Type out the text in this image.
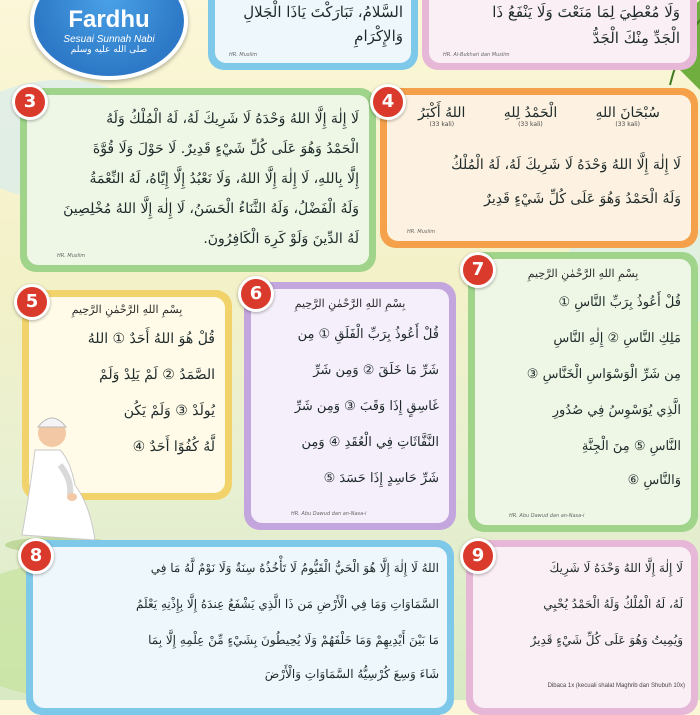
Fardhu
Sesuai Sunnah Nabi
صلى الله عليه وسلم
السَّلامُ، تَبَارَكْتَ يَاذَا الْجَلالِ
وَالإِكْرَامِ
HR. Muslim
وَلَا مُعْطِيَ لِمَا مَنَعْتَ وَلَا يَنْفَعُ ذَا
الْجَدِّ مِنْكَ الْجَدُّ
HR. Al-Bukhari dan Muslim
لَا إِلٰهَ إِلَّا اللهُ وَحْدَهُ لَا شَرِيكَ لَهُ، لَهُ الْمُلْكُ وَلَهُ
الْحَمْدُ وَهُوَ عَلَى كُلِّ شَيْءٍ قَدِيرٌ. لَا حَوْلَ وَلَا قُوَّةَ
إِلَّا بِاللهِ، لَا إِلٰهَ إِلَّا اللهُ، وَلَا نَعْبُدُ إِلَّا إِيَّاهُ، لَهُ النِّعْمَةُ
وَلَهُ الْفَضْلُ، وَلَهُ الثَّنَاءُ الْحَسَنُ، لَا إِلٰهَ إِلَّا اللهُ مُخْلِصِينَ
لَهُ الدِّينَ وَلَوْ كَرِهَ الْكَافِرُونَ.
HR. Muslim
3
سُبْحَانَ اللهِ
(33 kali)
الْحَمْدُ لِلهِ
(33 kali)
اللهُ أَكْبَرُ
(33 kali)
لَا إِلٰهَ إِلَّا اللهُ وَحْدَهُ لَا شَرِيكَ لَهُ، لَهُ الْمُلْكُ
وَلَهُ الْحَمْدُ وَهُوَ عَلَى كُلِّ شَيْءٍ قَدِيرٌ
HR. Muslim
4
بِسْمِ اللهِ الرَّحْمٰنِ الرَّحِيمِ
قُلْ هُوَ اللهُ أَحَدٌ ① اللهُ
الصَّمَدُ ② لَمْ يَلِدْ وَلَمْ
يُولَدْ ③ وَلَمْ يَكُن
لَّهُ كُفُوًا أَحَدٌ ④
5	بِسْمِ اللهِ الرَّحْمٰنِ الرَّحِيمِ
قُلْ أَعُوذُ بِرَبِّ الْفَلَقِ ① مِن
شَرِّ مَا خَلَقَ ② وَمِن شَرِّ
غَاسِقٍ إِذَا وَقَبَ ③ وَمِن شَرِّ
النَّفَّاثَاتِ فِي الْعُقَدِ ④ وَمِن
شَرِّ حَاسِدٍ إِذَا حَسَدَ ⑤
HR. Abu Dawud dan an-Nasa-i
6
بِسْمِ اللهِ الرَّحْمٰنِ الرَّحِيمِ
قُلْ أَعُوذُ بِرَبِّ النَّاسِ ①
مَلِكِ النَّاسِ ② إِلٰهِ النَّاسِ
مِن شَرِّ الْوَسْوَاسِ الْخَنَّاسِ ③
الَّذِي يُوَسْوِسُ فِي صُدُورِ
النَّاسِ ⑤ مِنَ الْجِنَّةِ
وَالنَّاسِ ⑥
HR. Abu Dawud dan an-Nasa-i
7
اللهُ لَا إِلٰهَ إِلَّا هُوَ الْحَيُّ الْقَيُّومُ لَا تَأْخُذُهُ سِنَةٌ وَلَا نَوْمٌ لَّهُ مَا فِي
السَّمَاوَاتِ وَمَا فِي الْأَرْضِ مَن ذَا الَّذِي يَشْفَعُ عِندَهُ إِلَّا بِإِذْنِهِ يَعْلَمُ
مَا بَيْنَ أَيْدِيهِمْ وَمَا خَلْفَهُمْ وَلَا يُحِيطُونَ بِشَيْءٍ مِّنْ عِلْمِهِ إِلَّا بِمَا
شَاءَ وَسِعَ كُرْسِيُّهُ السَّمَاوَاتِ وَالْأَرْضَ
8
لَا إِلٰهَ إِلَّا اللهُ وَحْدَهُ لَا شَرِيكَ
لَهُ، لَهُ الْمُلْكُ وَلَهُ الْحَمْدُ يُحْيِي
وَيُمِيتُ وَهُوَ عَلَى كُلِّ شَيْءٍ قَدِيرٌ
Dibaca 1x (kecuali shalat Maghrib dan Shubuh 10x)
9
